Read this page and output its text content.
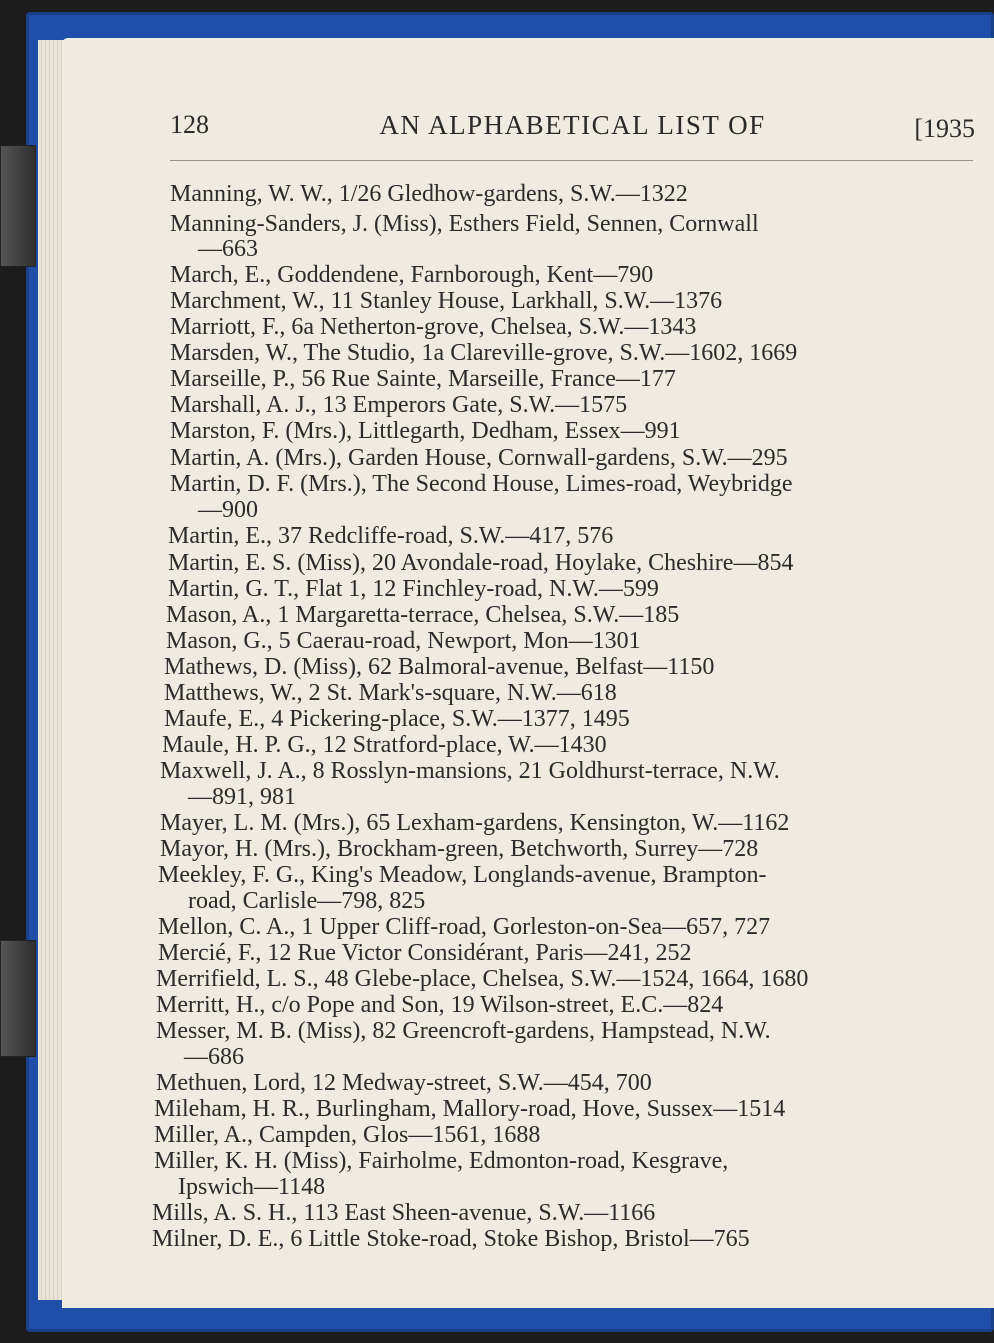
128	AN ALPHABETICAL LIST OF	[1935
Manning, W. W., 1/26 Gledhow-gardens, S.W.—1322
Manning-Sanders, J. (Miss), Esthers Field, Sennen, Cornwall
—663
March, E., Goddendene, Farnborough, Kent—790
Marchment, W., 11 Stanley House, Larkhall, S.W.—1376
Marriott, F., 6a Netherton-grove, Chelsea, S.W.—1343
Marsden, W., The Studio, 1a Clareville-grove, S.W.—1602, 1669
Marseille, P., 56 Rue Sainte, Marseille, France—177
Marshall, A. J., 13 Emperors Gate, S.W.—1575
Marston, F. (Mrs.), Littlegarth, Dedham, Essex—991
Martin, A. (Mrs.), Garden House, Cornwall-gardens, S.W.—295
Martin, D. F. (Mrs.), The Second House, Limes-road, Weybridge
—900
Martin, E., 37 Redcliffe-road, S.W.—417, 576
Martin, E. S. (Miss), 20 Avondale-road, Hoylake, Cheshire—854
Martin, G. T., Flat 1, 12 Finchley-road, N.W.—599
Mason, A., 1 Margaretta-terrace, Chelsea, S.W.—185
Mason, G., 5 Caerau-road, Newport, Mon—1301
Mathews, D. (Miss), 62 Balmoral-avenue, Belfast—1150
Matthews, W., 2 St. Mark's-square, N.W.—618
Maufe, E., 4 Pickering-place, S.W.—1377, 1495
Maule, H. P. G., 12 Stratford-place, W.—1430
Maxwell, J. A., 8 Rosslyn-mansions, 21 Goldhurst-terrace, N.W.
—891, 981
Mayer, L. M. (Mrs.), 65 Lexham-gardens, Kensington, W.—1162
Mayor, H. (Mrs.), Brockham-green, Betchworth, Surrey—728
Meekley, F. G., King's Meadow, Longlands-avenue, Brampton-
road, Carlisle—798, 825
Mellon, C. A., 1 Upper Cliff-road, Gorleston-on-Sea—657, 727
Mercié, F., 12 Rue Victor Considérant, Paris—241, 252
Merrifield, L. S., 48 Glebe-place, Chelsea, S.W.—1524, 1664, 1680
Merritt, H., c/o Pope and Son, 19 Wilson-street, E.C.—824
Messer, M. B. (Miss), 82 Greencroft-gardens, Hampstead, N.W.
—686
Methuen, Lord, 12 Medway-street, S.W.—454, 700
Mileham, H. R., Burlingham, Mallory-road, Hove, Sussex—1514
Miller, A., Campden, Glos—1561, 1688
Miller, K. H. (Miss), Fairholme, Edmonton-road, Kesgrave,
Ipswich—1148
Mills, A. S. H., 113 East Sheen-avenue, S.W.—1166
Milner, D. E., 6 Little Stoke-road, Stoke Bishop, Bristol—765
